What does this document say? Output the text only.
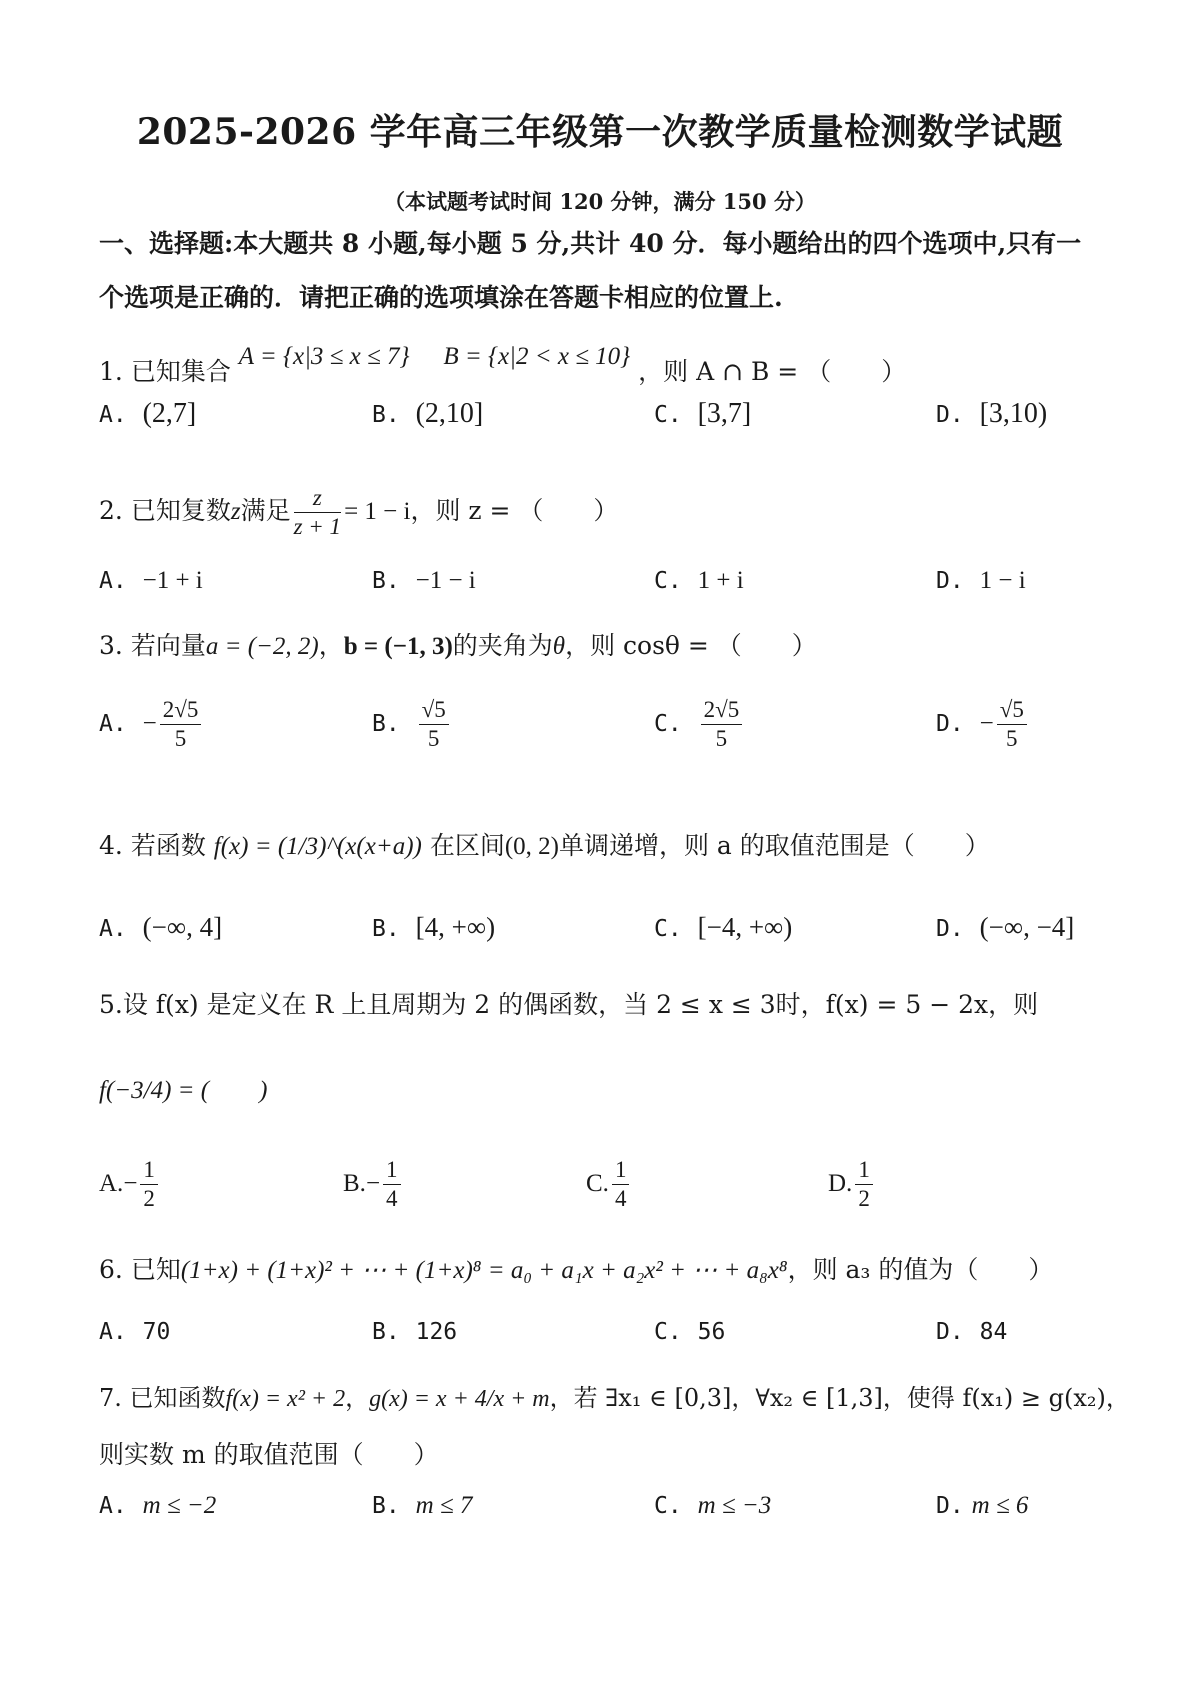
2025-2026 学年高三年级第一次教学质量检测数学试题
（本试题考试时间 120 分钟，满分 150 分）
一、选择题:本大题共 8 小题,每小题 5 分,共计 40 分．每小题给出的四个选项中,只有一
个选项是正确的．请把正确的选项填涂在答题卡相应的位置上.
1. 已知集合 A = {x|3 ≤ x ≤ 7} B = {x|2 < x ≤ 10} ，则 A ∩ B = （　　）
A. (2,7]	B. (2,10]	C. [3,7]	D. [3,10)
2. 已知复数z满足 $\frac{z}{z + 1} = 1 - i$，则 z = （　　）
A. −1 + i	B. −1 − i	C. 1 + i	D. 1 − i
3. 若向量a = (−2, 2)，b = (−1, 3)的夹角为θ，则 cosθ = （　　）
A. − $\frac{2√5}{5}$	B. $\frac{√5}{5}$	C. $\frac{2√5}{5}$	D. − $\frac{√5}{5}$
4. 若函数 f(x) = (1/3)^(x(x+a)) 在区间(0, 2)单调递增，则 a 的取值范围是（　　）
A. (−∞, 4]	B. [4, +∞)	C. [−4, +∞)	D. (−∞, −4]
5.设 f(x) 是定义在 R 上且周期为 2 的偶函数，当 2 ≤ x ≤ 3时，f(x) = 5 − 2x，则
f(−3/4) = (　　)
$A.- \frac{1}{2}$	$B.- \frac{1}{4}$	C. $\frac{1}{4}$	D. $\frac{1}{2}$
6. 已知(1+x) + (1+x)² + ⋯ + (1+x)⁸ = a₀ + a₁x + a₂x² + ⋯ + a₈x⁸，则 a₃ 的值为（　　）
A. 70	B. 126	C. 56	D. 84
7. 已知函数f(x) = x² + 2，g(x) = x + 4/x + m，若 ∃x₁ ∈ [0,3]，∀x₂ ∈ [1,3]，使得 f(x₁) ≥ g(x₂)，
则实数 m 的取值范围（　　）
A. m ≤ −2	B. m ≤ 7	C. m ≤ −3	D. m ≤ 6
